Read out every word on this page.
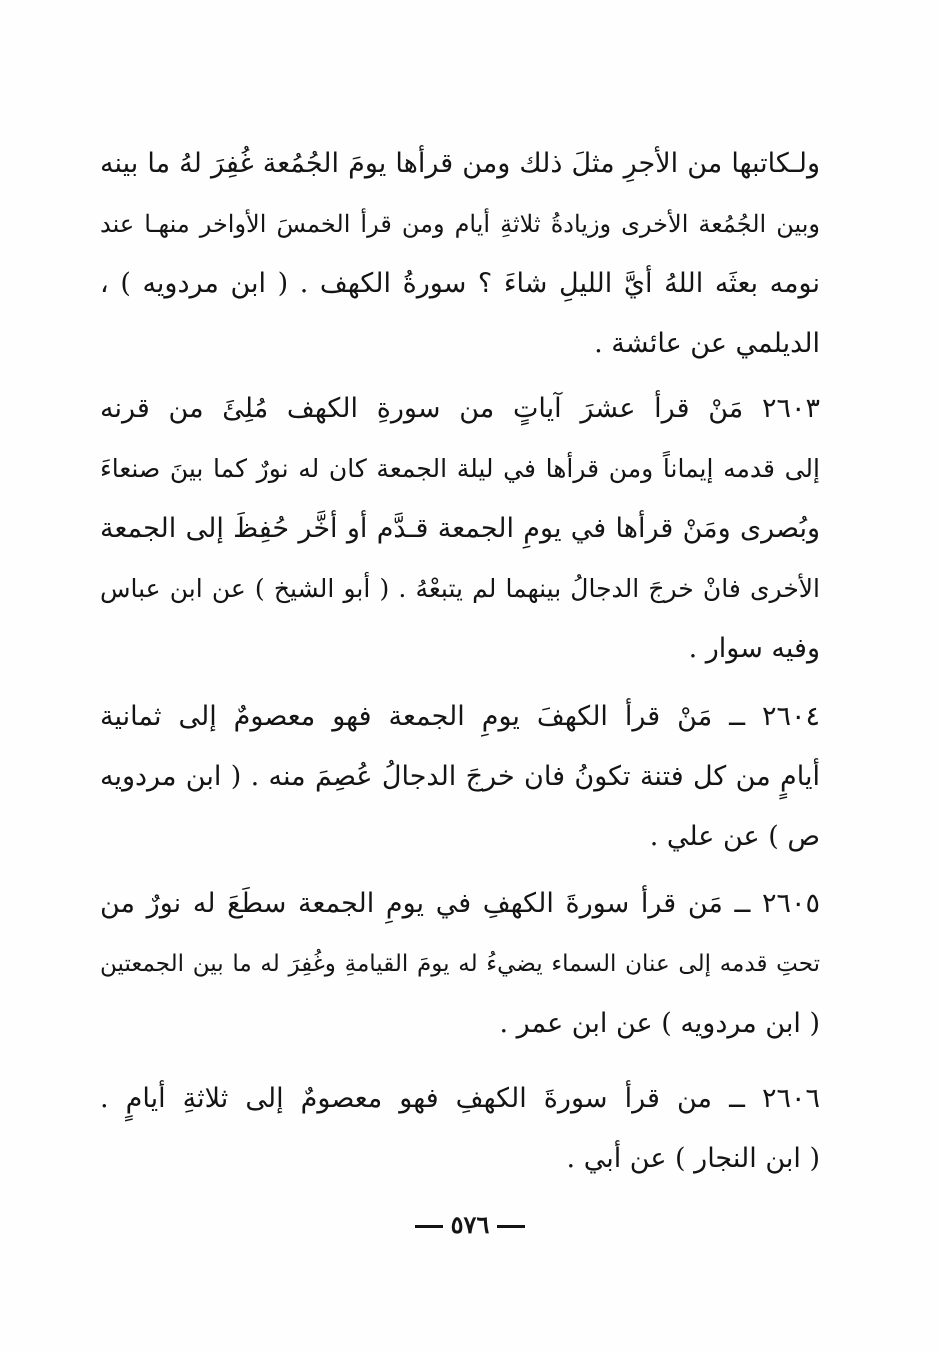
ولـكاتبها من الأجرِ مثلَ ذلك ومن قرأها يومَ الجُمُعة غُفِرَ لهُ ما بينه
وبين الجُمُعة الأخرى وزيادةُ ثلاثةِ أيام ومن قرأ الخمسَ الأواخر منهـا عند
نومه بعثَه اللهُ أيَّ الليلِ شاءَ ؟ سورةُ الكهف . ( ابن مردويه ) ،
الديلمي عن عائشة .
٢٦٠٣ مَنْ قرأ عشرَ آياتٍ من سورةِ الكهف مُلِئَ من قرنه
إلى قدمه إيماناً ومن قرأها في ليلة الجمعة كان له نورٌ كما بينَ صنعاءَ
وبُصرى ومَنْ قرأها في يومِ الجمعة قـدَّم أو أخَّر حُفِظَ إلى الجمعة
الأخرى فانْ خرجَ الدجالُ بينهما لم يتبعْهُ . ( أبو الشيخ ) عن ابن عباس
وفيه سوار .
٢٦٠٤ ــ مَنْ قرأ الكهفَ يومِ الجمعة فهو معصومٌ إلى ثمانية
أيامٍ من كل فتنة تكونُ فان خرجَ الدجالُ عُصِمَ منه . ( ابن مردويه
ص ) عن علي .
٢٦٠٥ ــ مَن قرأ سورةَ الكهفِ في يومِ الجمعة سطَعَ له نورٌ من
تحتِ قدمه إلى عنان السماء يضيءُ له يومَ القيامةِ وغُفِرَ له ما بين الجمعتين
( ابن مردويه ) عن ابن عمر .
٢٦٠٦ ــ من قرأ سورةَ الكهفِ فهو معصومٌ إلى ثلاثةِ أيامٍ .
( ابن النجار ) عن أبي .
٥٧٦
